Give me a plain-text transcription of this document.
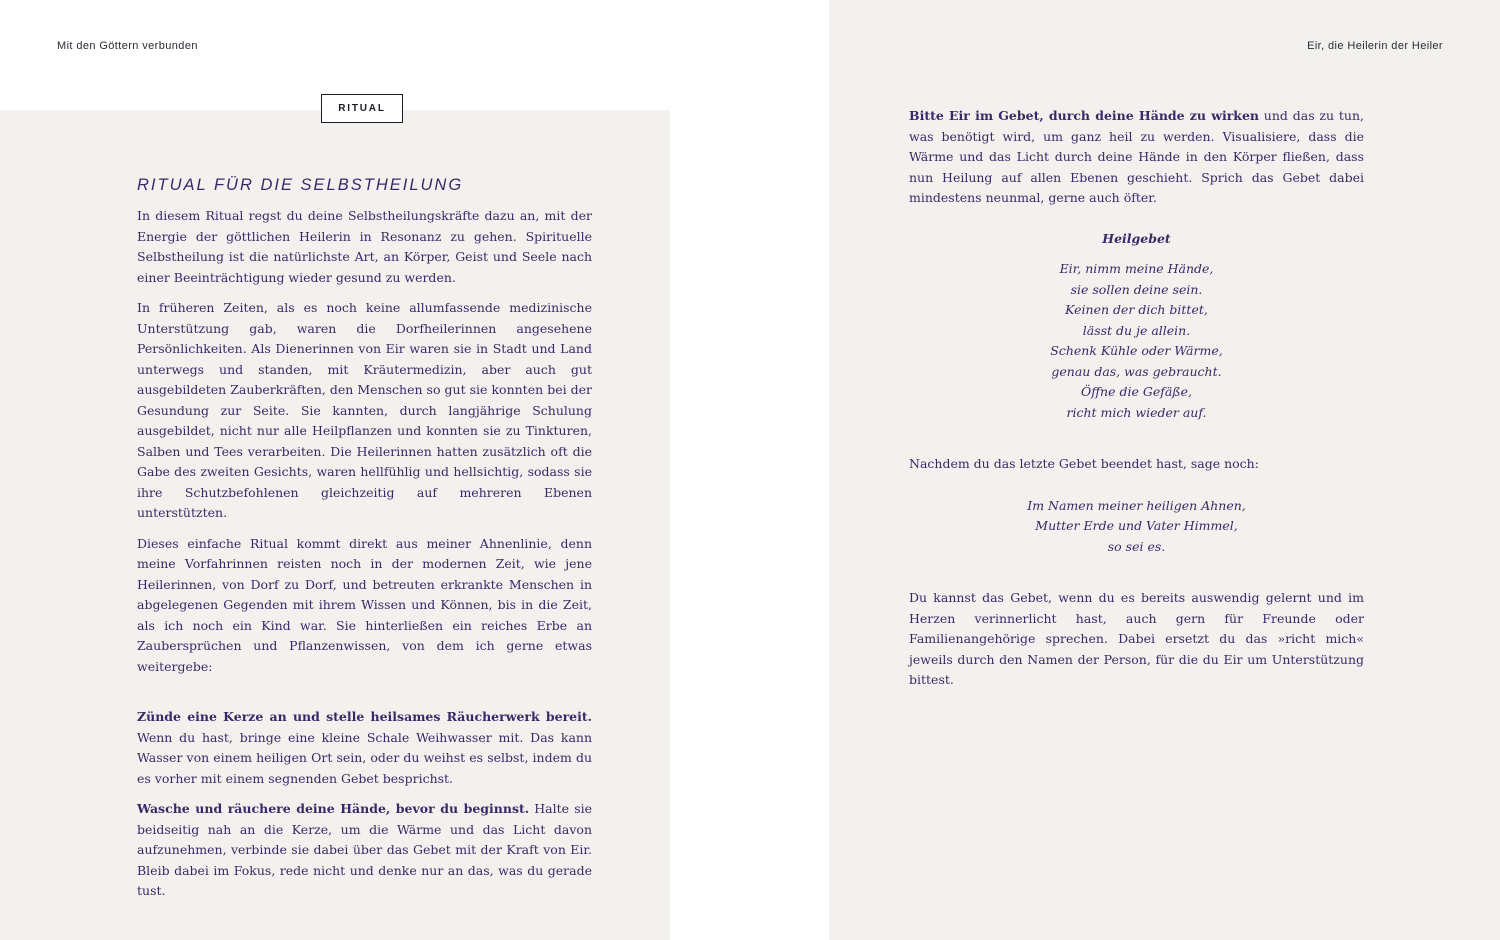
Mit den Göttern verbunden	Eir, die Heilerin der Heiler
RITUAL
RITUAL FÜR DIE SELBSTHEILUNG

In diesem Ritual regst du deine Selbstheilungskräfte dazu an, mit der Energie der göttlichen Heilerin in Resonanz zu gehen. Spirituelle Selbstheilung ist die natürlichste Art, an Körper, Geist und Seele nach einer Beeinträchtigung wieder gesund zu werden.

In früheren Zeiten, als es noch keine allumfassende medizinische Unterstützung gab, waren die Dorfheilerinnen angesehene Persönlichkeiten. Als Dienerinnen von Eir waren sie in Stadt und Land unterwegs und standen, mit Kräutermedizin, aber auch gut ausgebildeten Zauberkräften, den Menschen so gut sie konnten bei der Gesundung zur Seite. Sie kannten, durch langjährige Schulung ausgebildet, nicht nur alle Heilpflanzen und konnten sie zu Tinkturen, Salben und Tees verarbeiten. Die Heilerinnen hatten zusätzlich oft die Gabe des zweiten Gesichts, waren hellfühlig und hellsichtig, sodass sie ihre Schutzbefohlenen gleichzeitig auf mehreren Ebenen unterstützten.

Dieses einfache Ritual kommt direkt aus meiner Ahnenlinie, denn meine Vorfahrinnen reisten noch in der modernen Zeit, wie jene Heilerinnen, von Dorf zu Dorf, und betreuten erkrankte Menschen in abgelegenen Gegenden mit ihrem Wissen und Können, bis in die Zeit, als ich noch ein Kind war. Sie hinterließen ein reiches Erbe an Zaubersprüchen und Pflanzenwissen, von dem ich gerne etwas weitergebe:

Zünde eine Kerze an und stelle heilsames Räucherwerk bereit. Wenn du hast, bringe eine kleine Schale Weihwasser mit. Das kann Wasser von einem heiligen Ort sein, oder du weihst es selbst, indem du es vorher mit einem segnenden Gebet besprichst.

Wasche und räuchere deine Hände, bevor du beginnst. Halte sie beidseitig nah an die Kerze, um die Wärme und das Licht davon aufzunehmen, verbinde sie dabei über das Gebet mit der Kraft von Eir. Bleib dabei im Fokus, rede nicht und denke nur an das, was du gerade tust.

Bitte Eir im Gebet, durch deine Hände zu wirken und das zu tun, was benötigt wird, um ganz heil zu werden. Visualisiere, dass die Wärme und das Licht durch deine Hände in den Körper fließen, dass nun Heilung auf allen Ebenen geschieht. Sprich das Gebet dabei mindestens neunmal, gerne auch öfter.

Heilgebet
Eir, nimm meine Hände,
sie sollen deine sein.
Keinen der dich bittet,
lässt du je allein.
Schenk Kühle oder Wärme,
genau das, was gebraucht.
Öffne die Gefäße,
richt mich wieder auf.

Nachdem du das letzte Gebet beendet hast, sage noch:

Im Namen meiner heiligen Ahnen,
Mutter Erde und Vater Himmel,
so sei es.

Du kannst das Gebet, wenn du es bereits auswendig gelernt und im Herzen verinnerlicht hast, auch gern für Freunde oder Familienangehörige sprechen. Dabei ersetzt du das »richt mich« jeweils durch den Namen der Person, für die du Eir um Unterstützung bittest.
